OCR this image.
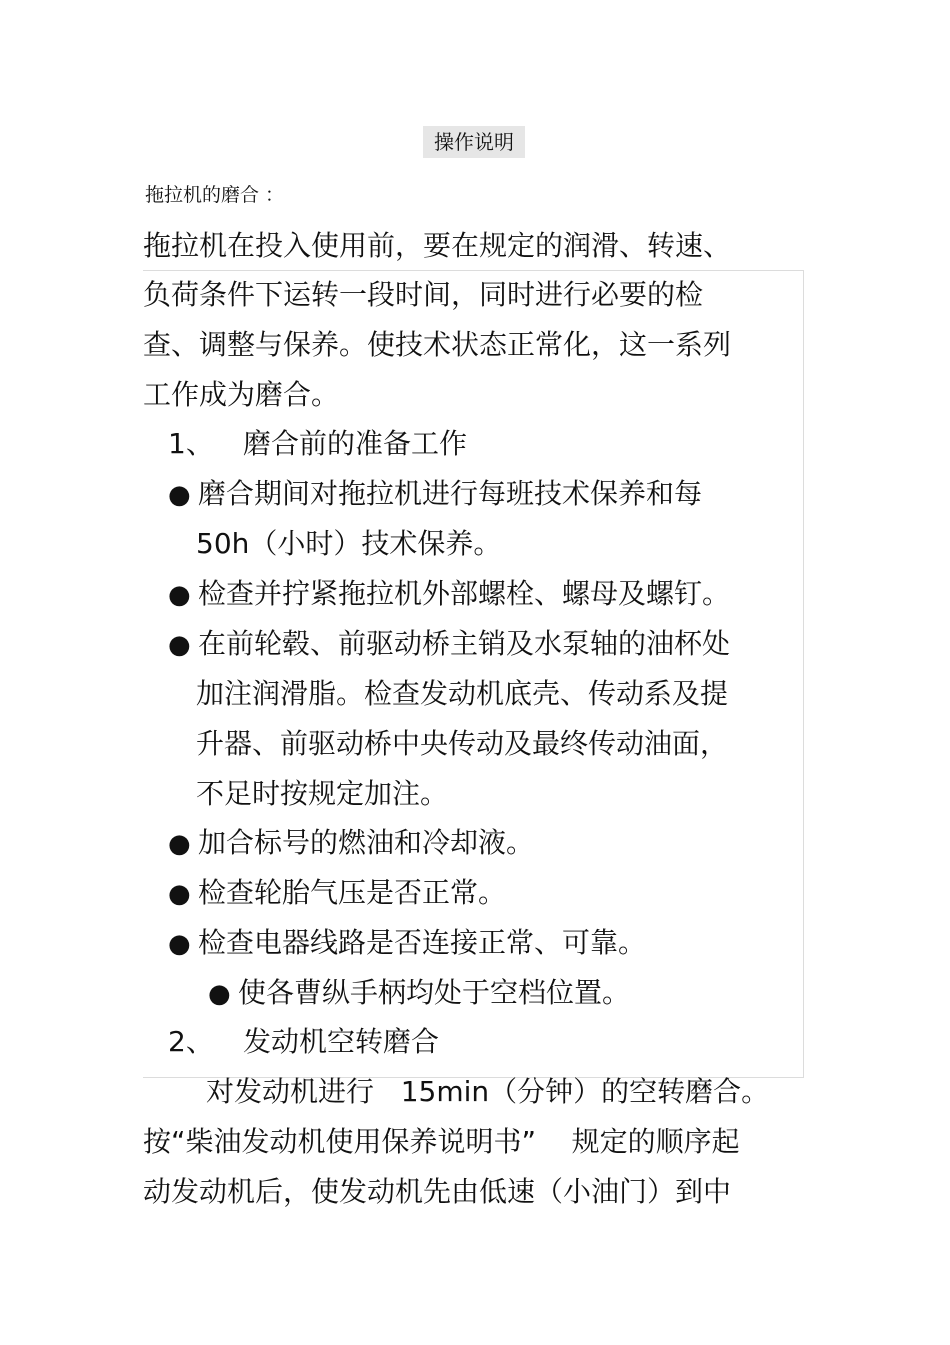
操作说明
拖拉机的磨合 ：
拖拉机在投入使用前，要在规定的润滑、转速、
负荷条件下运转一段时间，同时进行必要的检
查、调整与保养。使技术状态正常化，这一系列
工作成为磨合。
1、 磨合前的准备工作
● 磨合期间对拖拉机进行每班技术保养和每
50h（小时）技术保养。
● 检查并拧紧拖拉机外部螺栓、螺母及螺钉。
● 在前轮毂、前驱动桥主销及水泵轴的油杯处
加注润滑脂。检查发动机底壳、传动系及提
升器、前驱动桥中央传动及最终传动油面，
不足时按规定加注。
● 加合标号的燃油和冷却液。
● 检查轮胎气压是否正常。
● 检查电器线路是否连接正常、可靠。
● 使各曹纵手柄均处于空档位置。
2、 发动机空转磨合
对发动机进行   15min（分钟）的空转磨合。
按“柴油发动机使用保养说明书”    规定的顺序起
动发动机后，使发动机先由低速（小油门）到中
